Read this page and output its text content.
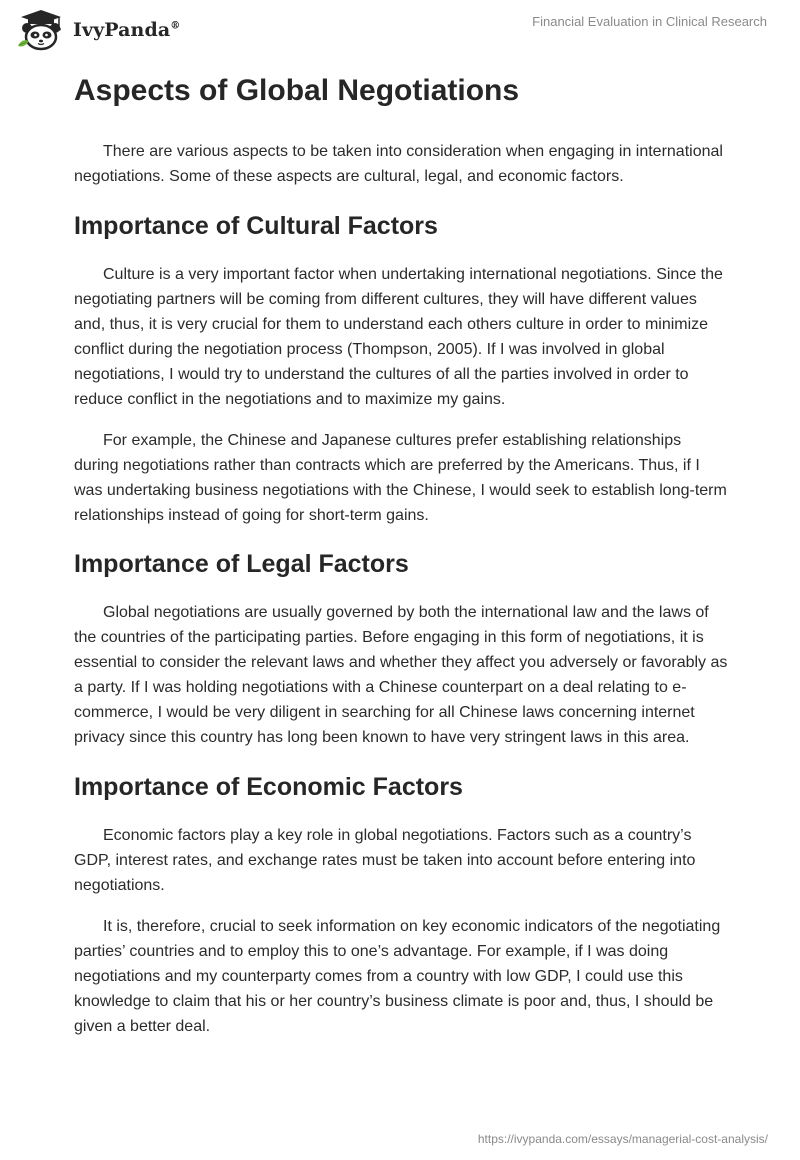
IvyPanda®	Financial Evaluation in Clinical Research
Aspects of Global Negotiations

There are various aspects to be taken into consideration when engaging in international negotiations. Some of these aspects are cultural, legal, and economic factors.

Importance of Cultural Factors

Culture is a very important factor when undertaking international negotiations. Since the negotiating partners will be coming from different cultures, they will have different values and, thus, it is very crucial for them to understand each others culture in order to minimize conflict during the negotiation process (Thompson, 2005). If I was involved in global negotiations, I would try to understand the cultures of all the parties involved in order to reduce conflict in the negotiations and to maximize my gains.

For example, the Chinese and Japanese cultures prefer establishing relationships during negotiations rather than contracts which are preferred by the Americans. Thus, if I was undertaking business negotiations with the Chinese, I would seek to establish long-term relationships instead of going for short-term gains.

Importance of Legal Factors

Global negotiations are usually governed by both the international law and the laws of the countries of the participating parties. Before engaging in this form of negotiations, it is essential to consider the relevant laws and whether they affect you adversely or favorably as a party. If I was holding negotiations with a Chinese counterpart on a deal relating to e-commerce, I would be very diligent in searching for all Chinese laws concerning internet privacy since this country has long been known to have very stringent laws in this area.

Importance of Economic Factors

Economic factors play a key role in global negotiations. Factors such as a country’s GDP, interest rates, and exchange rates must be taken into account before entering into negotiations.

It is, therefore, crucial to seek information on key economic indicators of the negotiating parties’ countries and to employ this to one’s advantage. For example, if I was doing negotiations and my counterparty comes from a country with low GDP, I could use this knowledge to claim that his or her country’s business climate is poor and, thus, I should be given a better deal.

https://ivypanda.com/essays/managerial-cost-analysis/
